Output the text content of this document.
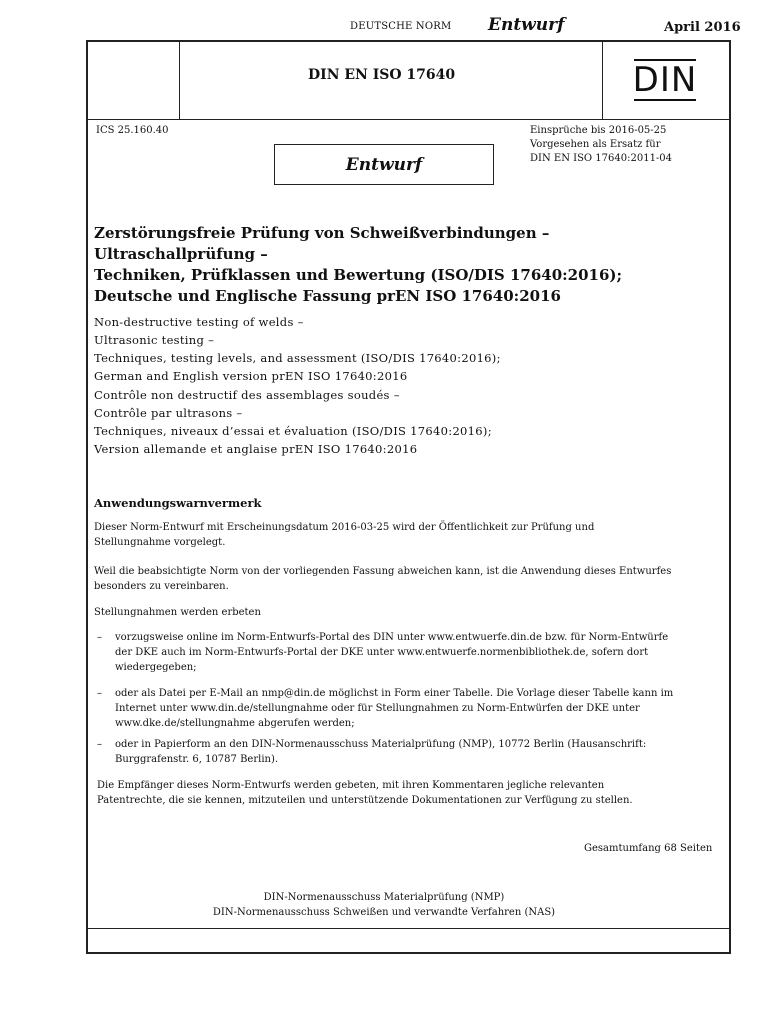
DEUTSCHE NORM Entwurf	April 2016
DIN EN ISO 17640	DIN
ICS 25.160.40	Einsprüche bis 2016-05-25
Vorgesehen als Ersatz für
DIN EN ISO 17640:2011-04
Entwurf
Zerstörungsfreie Prüfung von Schweißverbindungen –
Ultraschallprüfung –
Techniken, Prüfklassen und Bewertung (ISO/DIS 17640:2016);
Deutsche und Englische Fassung prEN ISO 17640:2016
Non-destructive testing of welds –
Ultrasonic testing –
Techniques, testing levels, and assessment (ISO/DIS 17640:2016);
German and English version prEN ISO 17640:2016
Contrôle non destructif des assemblages soudés –
Contrôle par ultrasons –
Techniques, niveaux d’essai et évaluation (ISO/DIS 17640:2016);
Version allemande et anglaise prEN ISO 17640:2016
Anwendungswarnvermerk
Dieser Norm-Entwurf mit Erscheinungsdatum 2016-03-25 wird der Öffentlichkeit zur Prüfung und
Stellungnahme vorgelegt.
Weil die beabsichtigte Norm von der vorliegenden Fassung abweichen kann, ist die Anwendung dieses Entwurfes
besonders zu vereinbaren.
Stellungnahmen werden erbeten
– vorzugsweise online im Norm-Entwurfs-Portal des DIN unter www.entwuerfe.din.de bzw. für Norm-Entwürfe
der DKE auch im Norm-Entwurfs-Portal der DKE unter www.entwuerfe.normenbibliothek.de, sofern dort
wiedergegeben;
– oder als Datei per E-Mail an nmp@din.de möglichst in Form einer Tabelle. Die Vorlage dieser Tabelle kann im
Internet unter www.din.de/stellungnahme oder für Stellungnahmen zu Norm-Entwürfen der DKE unter
www.dke.de/stellungnahme abgerufen werden;
– oder in Papierform an den DIN-Normenausschuss Materialprüfung (NMP), 10772 Berlin (Hausanschrift:
Burggrafenstr. 6, 10787 Berlin).
Die Empfänger dieses Norm-Entwurfs werden gebeten, mit ihren Kommentaren jegliche relevanten
Patentrechte, die sie kennen, mitzuteilen und unterstützende Dokumentationen zur Verfügung zu stellen.
Gesamtumfang 68 Seiten
DIN-Normenausschuss Materialprüfung (NMP)
DIN-Normenausschuss Schweißen und verwandte Verfahren (NAS)
